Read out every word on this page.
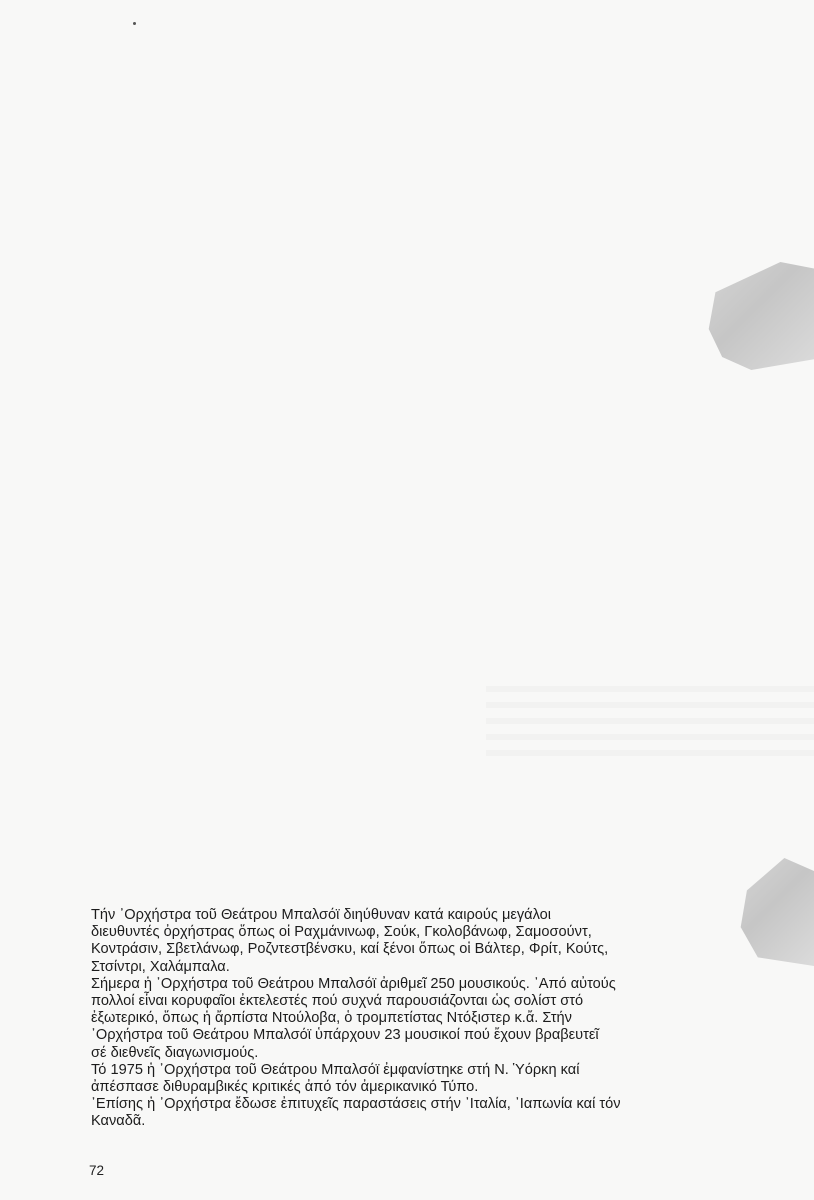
Τήν ᾿Ορχήστρα τοῦ Θεάτρου Μπαλσόϊ διηύθυναν κατά καιρούς μεγάλοι
διευθυντές ὀρχήστρας ὅπως οἱ Ραχμάνινωφ, Σούκ, Γκολοβάνωφ, Σαμοσούντ,
Κοντράσιν, Σβετλάνωφ, Ροζντεστβένσκυ, καί ξένοι ὅπως οἱ Βάλτερ, Φρίτ, Κούτς,
Στσίντρι, Χαλάμπαλα.
Σήμερα ἡ ᾿Ορχήστρα τοῦ Θεάτρου Μπαλσόϊ ἀριθμεῖ 250 μουσικούς. ᾿Από αὐτούς
πολλοί εἶναι κορυφαῖοι ἐκτελεστές πού συχνά παρουσιάζονται ὡς σολίστ στό
ἐξωτερικό, ὅπως ἡ ἄρπίστα Ντούλοβα, ὁ τρομπετίστας Ντόξιστερ κ.ἄ. Στήν
᾿Ορχήστρα τοῦ Θεάτρου Μπαλσόϊ ὑπάρχουν 23 μουσικοί πού ἔχουν βραβευτεῖ
σέ διεθνεῖς διαγωνισμούς.
Τό 1975 ἡ ᾿Ορχήστρα τοῦ Θεάτρου Μπαλσόϊ ἐμφανίστηκε στή Ν. Ὑόρκη καί
ἀπέσπασε διθυραμβικές κριτικές ἀπό τόν ἀμερικανικό Τύπο.
᾿Επίσης ἡ ᾿Ορχήστρα ἔδωσε ἐπιτυχεῖς παραστάσεις στήν ᾿Ιταλία, ᾿Ιαπωνία καί τόν
Καναδᾶ.

72
